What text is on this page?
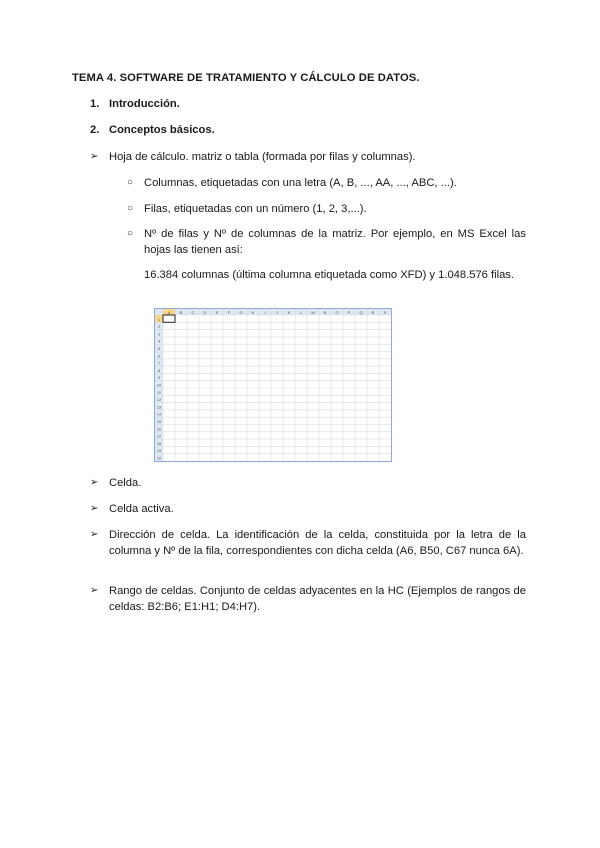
TEMA 4. SOFTWARE DE TRATAMIENTO Y CÁLCULO DE DATOS.
1. Introducción.
2. Conceptos básicos.
➢ Hoja de cálculo. matriz o tabla (formada por filas y columnas).
○ Columnas, etiquetadas con una letra (A, B, ..., AA, ..., ABC, ...).
○ Filas, etiquetadas con un número (1, 2, 3,...).
○ Nº de filas y Nº de columnas de la matriz. Por ejemplo, en MS Excel las hojas las tienen así:
16.384 columnas (última columna etiquetada como XFD) y 1.048.576 filas.
A B C D E F G H I	J K L M N O P Q R S
1
2
3
4
5
6
7
8
9
10
11
12
13
14
15
16
17
18
19
20
➢ Celda.
➢ Celda activa.
➢ Dirección de celda. La identificación de la celda, constituida por la letra de la columna y Nº de la fila, correspondientes con dicha celda (A6, B50, C67 nunca 6A).
➢ Rango de celdas. Conjunto de celdas adyacentes en la HC (Ejemplos de rangos de celdas: B2:B6; E1:H1; D4:H7).
